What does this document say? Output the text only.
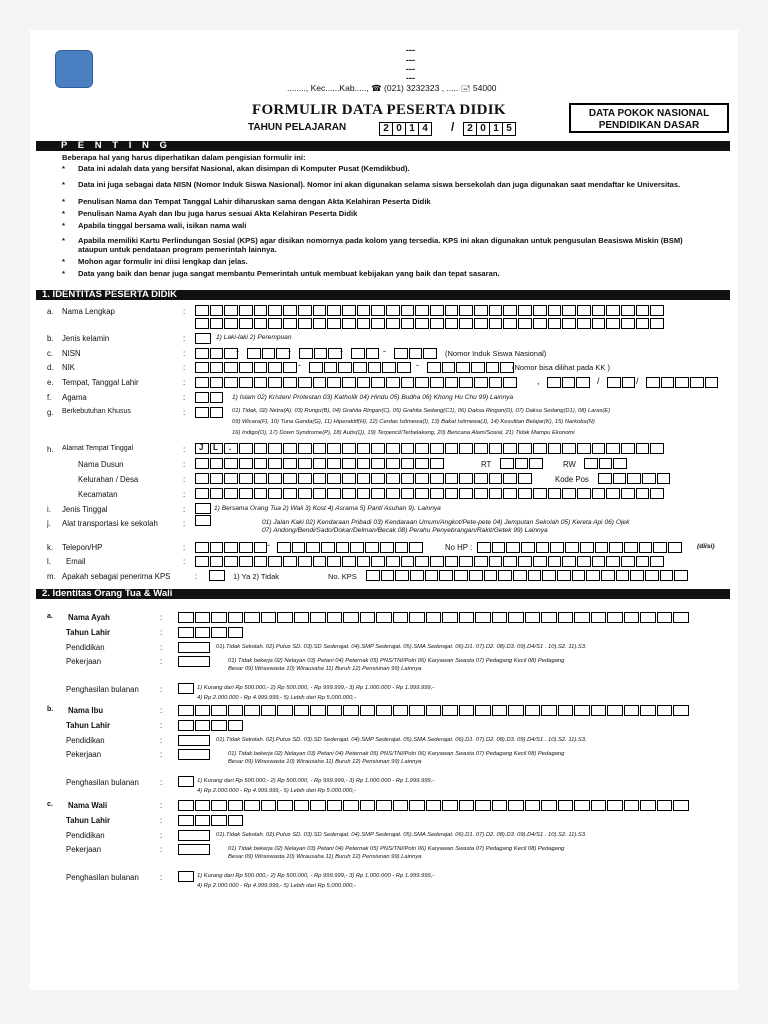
---
---
---
---
........, Kec......Kab....., ☎ (021) 3232323 , ..... 🖃 54000
FORMULIR DATA PESERTA DIDIK
TAHUN PELAJARAN	2 0 1 4 /	2 0 1 5
DATA POKOK NASIONAL
PENDIDIKAN DASAR
P E N T I N G
Beberapa hal yang harus diperhatikan dalam pengisian formulir ini:
* Data ini adalah data yang bersifat Nasional, akan disimpan di Komputer Pusat (Kemdikbud).
* Data ini juga sebagai data NISN (Nomor Induk Siswa Nasional). Nomor ini akan digunakan selama siswa bersekolah dan juga digunakan saat mendaftar ke Universitas.
* Penulisan Nama dan Tempat Tanggal Lahir diharuskan sama dengan Akta Kelahiran Peserta Didik
* Penulisan Nama Ayah dan Ibu juga harus sesuai Akta Kelahiran Peserta Didik
* Apabila tinggal bersama wali, isikan nama wali
* Apabila memiliki Kartu Perlindungan Sosial (KPS) agar disikan nomornya pada kolom yang tersedia. KPS ini akan digunakan untuk pengusulan Beasiswa Miskin (BSM)
ataupun untuk pendataan program pemerintah lainnya.
* Mohon agar formulir ini diisi lengkap dan jelas.
* Data yang baik dan benar juga sangat membantu Pemerintah untuk membuat kebijakan yang baik dan tepat sasaran.
1. IDENTITAS PESERTA DIDIK
a. Nama Lengkap	:
b. Jenis kelamin	:	1) Laki-laki 2) Perempuan
c. NISN	:	-	-	-	-	(Nomor Induk Siswa Nasional)
d. NIK	:	-	-	(Nomor bisa dilihat pada KK )
e. Tempat, Tanggal Lahir	:	,	/	/
f. Agama	:	1) Islam 02) Kristen/ Protestan 03) Katholik 04) Hindu 05) Budha 06) Khong Hu Chu 99) Lainnya
g. Berkebutuhan Khusus	:	01) Tidak, 02) Netra(A), 03) Rungu(B), 04) Grahita Ringan(C), 05) Grahita Sedang(C1), 06) Daksa Ringan(D), 07) Daksa Sedang(D1), 08) Laras(E)
09) Wicara(F), 10) Tuna Ganda(G), 11) Hiperaktif(H), 12) Cerdas Istimewa(I), 13) Bakat Istimewa(J), 14) Kesulitan Belajar(K), 15) Narkoba(N)
16) Indigo(O), 17) Down Syndrome(P), 18) Autis(Q), 19) Terpencil/Terbelakang, 20) Bencana Alam/Sosial, 21) Tidak Mampu Ekonomi
h. Alamat Tempat Tinggal	: J L .
Nama Dusun	:	RT	RW
Kelurahan / Desa	:	Kode Pos
Kecamatan	:
i. Jenis Tinggal	:	1) Bersama Orang Tua 2) Wali 3) Kost 4) Asrama 5) Panti Asuhan 9). Lainnya
j. Alat transportasi ke sekolah	:	01) Jalan Kaki 02) Kendaraan Pribadi 03) Kendaraan Umum/Angkot/Pete-pete 04) Jemputan Sekolah 05) Kereta Api 06) Ojek
07) Andong/Bendi/Sado/Dokar/Delman/Becak 08) Perahu Penyebrangan/Rakit/Getek 99) Lainnya
k. Telepon/HP	:	-	No HP :	(diisi)
l. Email	:
m. Apakah sebagai penerima KPS	:	1) Ya 2) Tidak	No. KPS
2. Identitas Orang Tua & Wali
a. Nama Ayah	:
Tahun Lahir	:
Pendidikan	:	01).Tidak Sekolah. 02).Putus SD. 03).SD Sederajat. 04).SMP Sederajat. 05).SMA Sederajat. 06).D1. 07).D2. 08).D3. 09).D4/S1 . 10).S2. 11).S3.
Pekerjaan	:	01) Tidak bekerja 02) Nelayan 03) Petani 04) Peternak 05) PNS/TNI/Polri 06) Karyawan Swasta 07) Pedagang Kecil 08) Pedagang
Besar 09) Wiraswasta 10) Wirausaha 11) Buruh 12) Pensiunan 99) Lainnya
Penghasilan bulanan	:	1) Kurang dari Rp 500.000,- 2) Rp 500.000, - Rp 999.999,- 3) Rp 1.000.000 - Rp 1.999.999,-
4) Rp 2.000.000 - Rp 4.999.999,- 5) Lebih dari Rp 5.000.000,-
b. Nama Ibu	:
Tahun Lahir	:
Pendidikan	:	01).Tidak Sekolah. 02).Putus SD. 03).SD Sederajat. 04).SMP Sederajat. 05).SMA Sederajat. 06).D1. 07).D2. 08).D3. 09).D4/S1 . 10).S2. 11).S3.
Pekerjaan	:	01) Tidak bekerja 02) Nelayan 03) Petani 04) Peternak 05) PNS/TNI/Polri 06) Karyawan Swasta 07) Pedagang Kecil 08) Pedagang
Besar 09) Wiraswasta 10) Wirausaha 11) Buruh 12) Pensiunan 99) Lainnya
Penghasilan bulanan	:	1) Kurang dari Rp 500.000,- 2) Rp 500.000, - Rp 999.999,- 3) Rp 1.000.000 - Rp 1.999.999,-
4) Rp 2.000.000 - Rp 4.999.999,- 5) Lebih dari Rp 5.000.000,-
c. Nama Wali	:
Tahun Lahir	:
Pendidikan	:	01).Tidak Sekolah. 02).Putus SD. 03).SD Sederajat. 04).SMP Sederajat. 05).SMA Sederajat. 06).D1. 07).D2. 08).D3. 09).D4/S1 . 10).S2. 11).S3.
Pekerjaan	:	01) Tidak bekerja 02) Nelayan 03) Petani 04) Peternak 05) PNS/TNI/Polri 06) Karyawan Swasta 07) Pedagang Kecil 08) Pedagang
Besar 09) Wiraswasta 10) Wirausaha 11) Buruh 12) Pensiunan 99) Lainnya
Penghasilan bulanan	:	1) Kurang dari Rp 500.000,- 2) Rp 500.000, - Rp 999.999,- 3) Rp 1.000.000 - Rp 1.999.999,-
4) Rp 2.000.000 - Rp 4.999.999,- 5) Lebih dari Rp 5.000.000,-
